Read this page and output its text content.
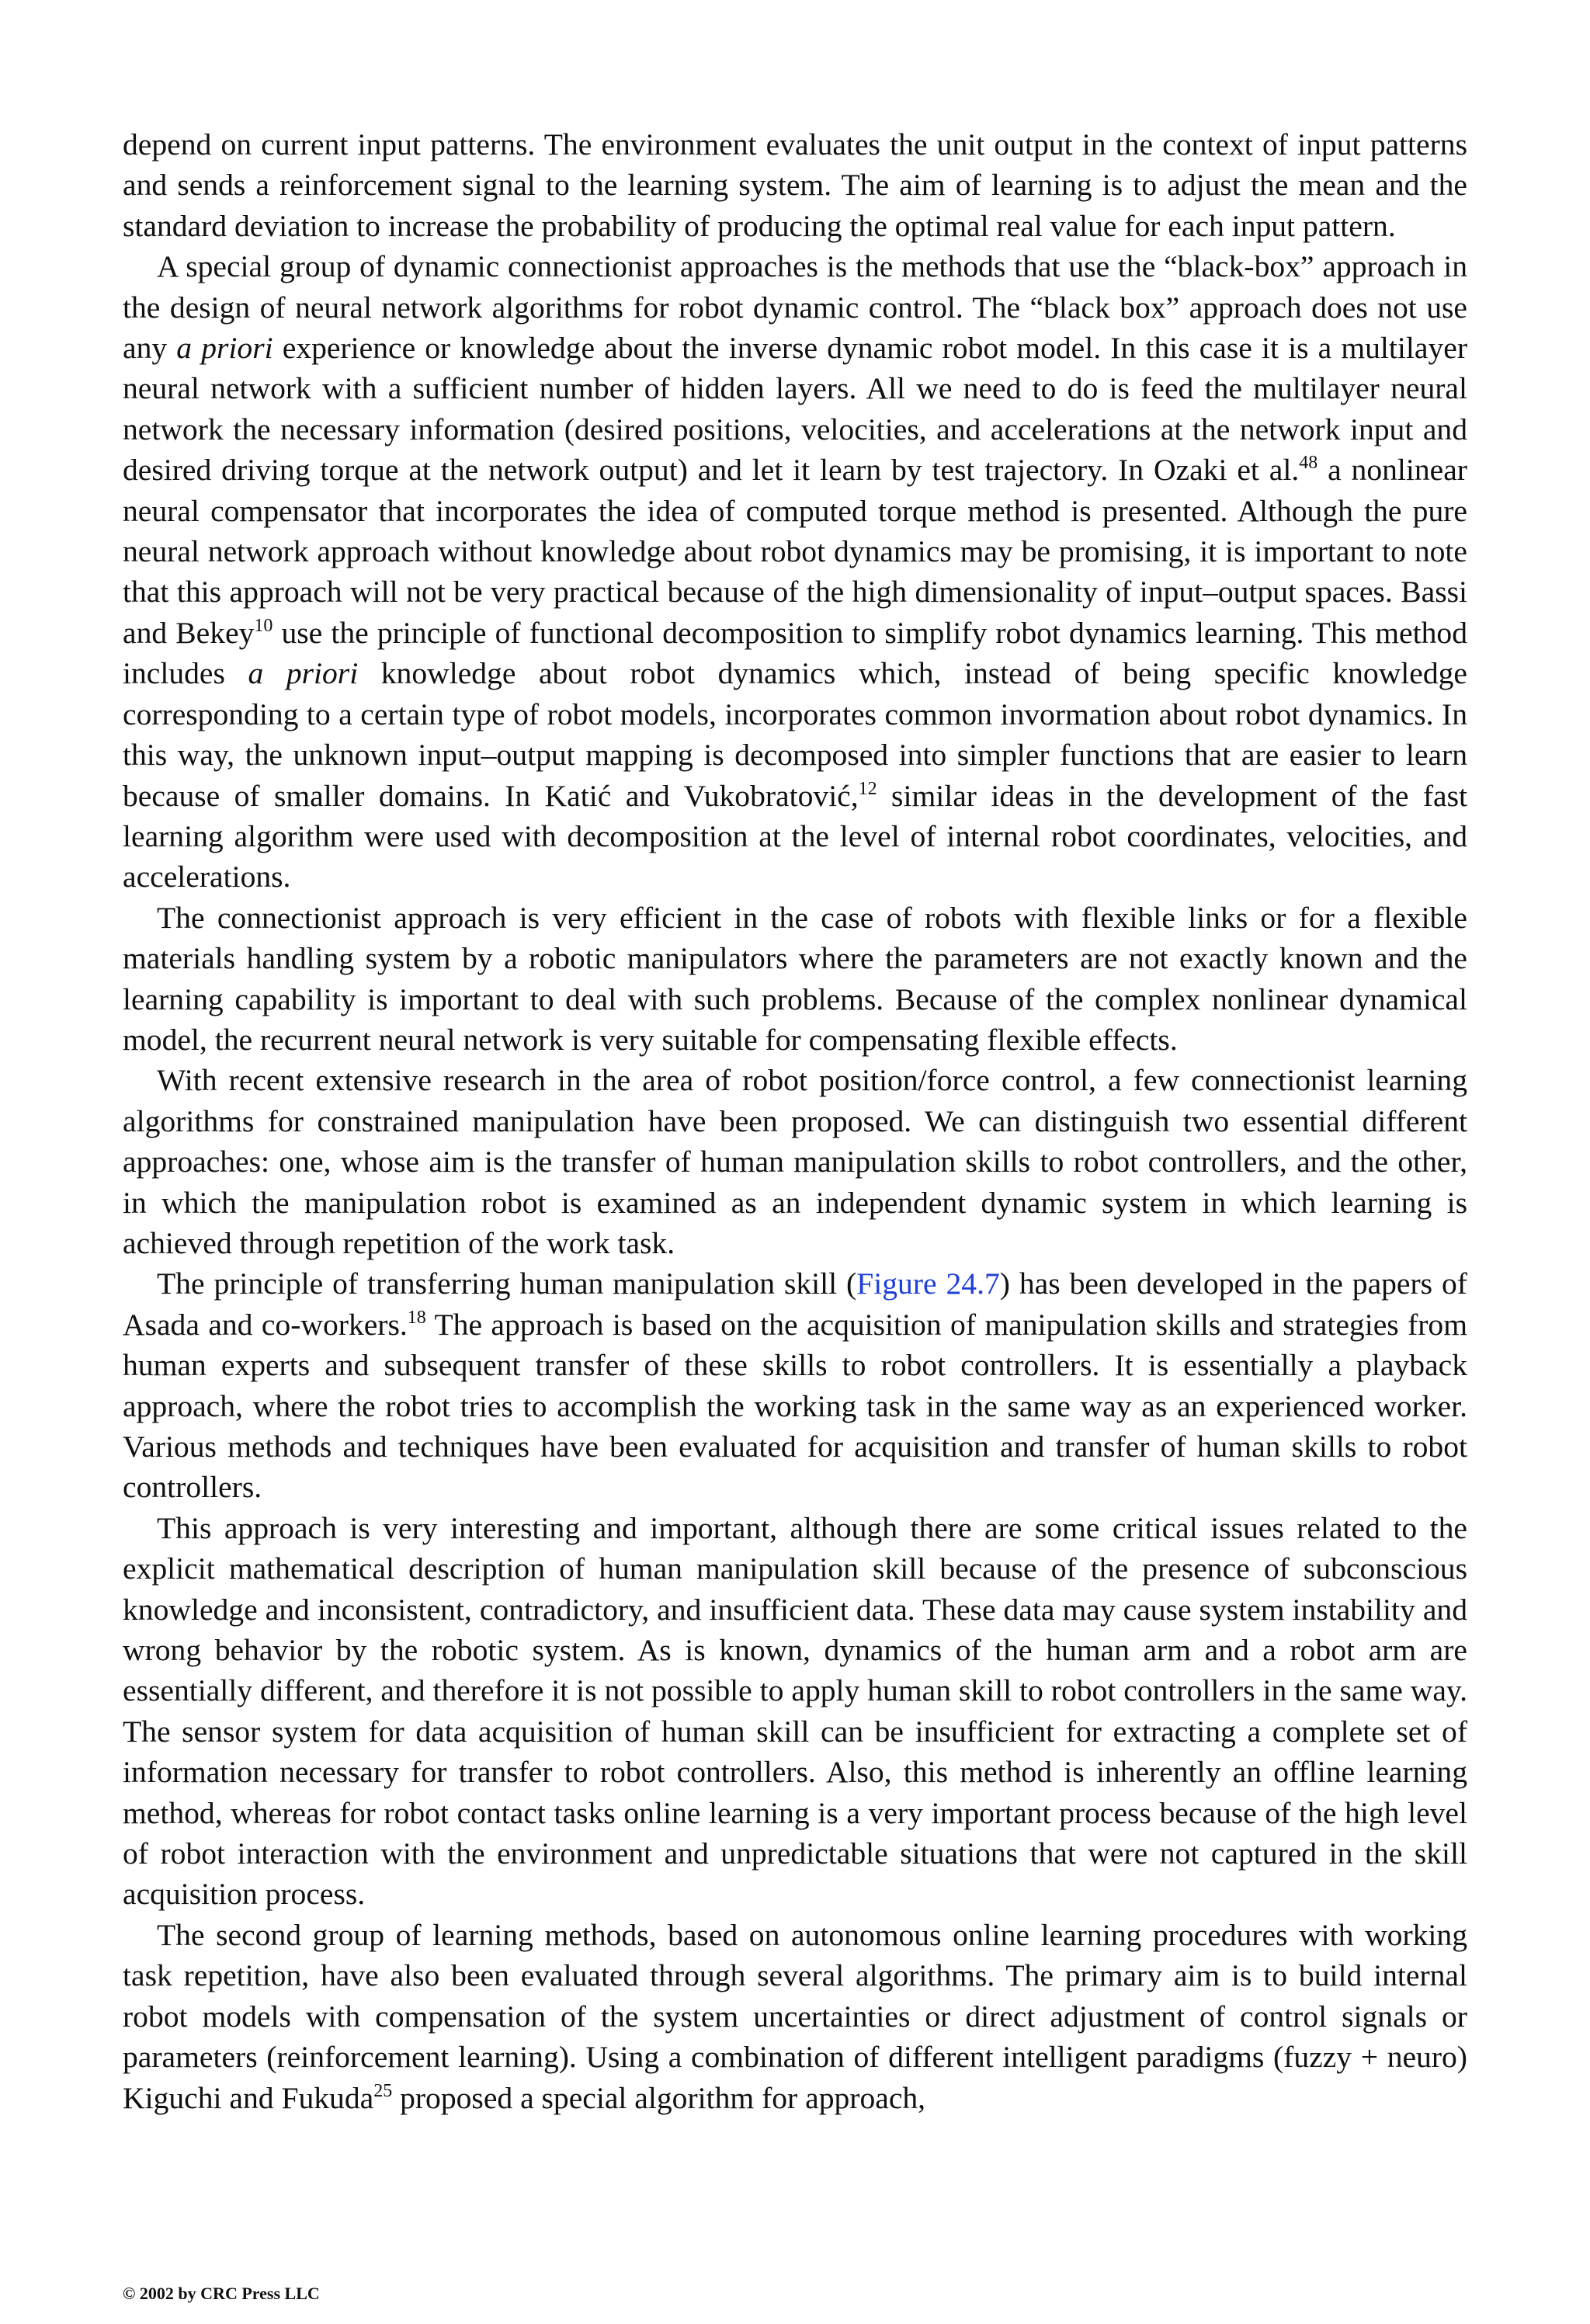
depend on current input patterns. The environment evaluates the unit output in the context of input patterns and sends a reinforcement signal to the learning system. The aim of learning is to adjust the mean and the standard deviation to increase the probability of producing the optimal real value for each input pattern.

A special group of dynamic connectionist approaches is the methods that use the “black-box” approach in the design of neural network algorithms for robot dynamic control. The “black box” approach does not use any a priori experience or knowledge about the inverse dynamic robot model. In this case it is a multilayer neural network with a sufficient number of hidden layers. All we need to do is feed the multilayer neural network the necessary information (desired positions, velocities, and accelerations at the network input and desired driving torque at the network output) and let it learn by test trajectory. In Ozaki et al.$^{48}$ a nonlinear neural compensator that incorporates the idea of computed torque method is presented. Although the pure neural network approach without knowledge about robot dynamics may be promising, it is important to note that this approach will not be very practical because of the high dimensionality of input–output spaces. Bassi and Bekey$^{10}$ use the principle of functional decomposition to simplify robot dynamics learning. This method includes a priori knowledge about robot dynamics which, instead of being specific knowledge corresponding to a certain type of robot models, incorporates common invormation about robot dynamics. In this way, the unknown input–output mapping is decomposed into simpler functions that are easier to learn because of smaller domains. In Katić and Vukobratović,$^{12}$ similar ideas in the development of the fast learning algorithm were used with decomposition at the level of internal robot coordinates, velocities, and accelerations.

The connectionist approach is very efficient in the case of robots with flexible links or for a flexible materials handling system by a robotic manipulators where the parameters are not exactly known and the learning capability is important to deal with such problems. Because of the complex nonlinear dynamical model, the recurrent neural network is very suitable for compensating flexible effects.

With recent extensive research in the area of robot position/force control, a few connectionist learning algorithms for constrained manipulation have been proposed. We can distinguish two essential different approaches: one, whose aim is the transfer of human manipulation skills to robot controllers, and the other, in which the manipulation robot is examined as an independent dynamic system in which learning is achieved through repetition of the work task.

The principle of transferring human manipulation skill (Figure 24.7) has been developed in the papers of Asada and co-workers.$^{18}$ The approach is based on the acquisition of manipulation skills and strategies from human experts and subsequent transfer of these skills to robot controllers. It is essentially a playback approach, where the robot tries to accomplish the working task in the same way as an experienced worker. Various methods and techniques have been evaluated for acquisition and transfer of human skills to robot controllers.

This approach is very interesting and important, although there are some critical issues related to the explicit mathematical description of human manipulation skill because of the presence of subconscious knowledge and inconsistent, contradictory, and insufficient data. These data may cause system instability and wrong behavior by the robotic system. As is known, dynamics of the human arm and a robot arm are essentially different, and therefore it is not possible to apply human skill to robot controllers in the same way. The sensor system for data acquisition of human skill can be insufficient for extracting a complete set of information necessary for transfer to robot controllers. Also, this method is inherently an offline learning method, whereas for robot contact tasks online learning is a very important process because of the high level of robot interaction with the environment and unpredictable situations that were not captured in the skill acquisition process.

The second group of learning methods, based on autonomous online learning procedures with working task repetition, have also been evaluated through several algorithms. The primary aim is to build internal robot models with compensation of the system uncertainties or direct adjustment of control signals or parameters (reinforcement learning). Using a combination of different intelligent paradigms (fuzzy + neuro) Kiguchi and Fukuda$^{25}$ proposed a special algorithm for approach,

© 2002 by CRC Press LLC
